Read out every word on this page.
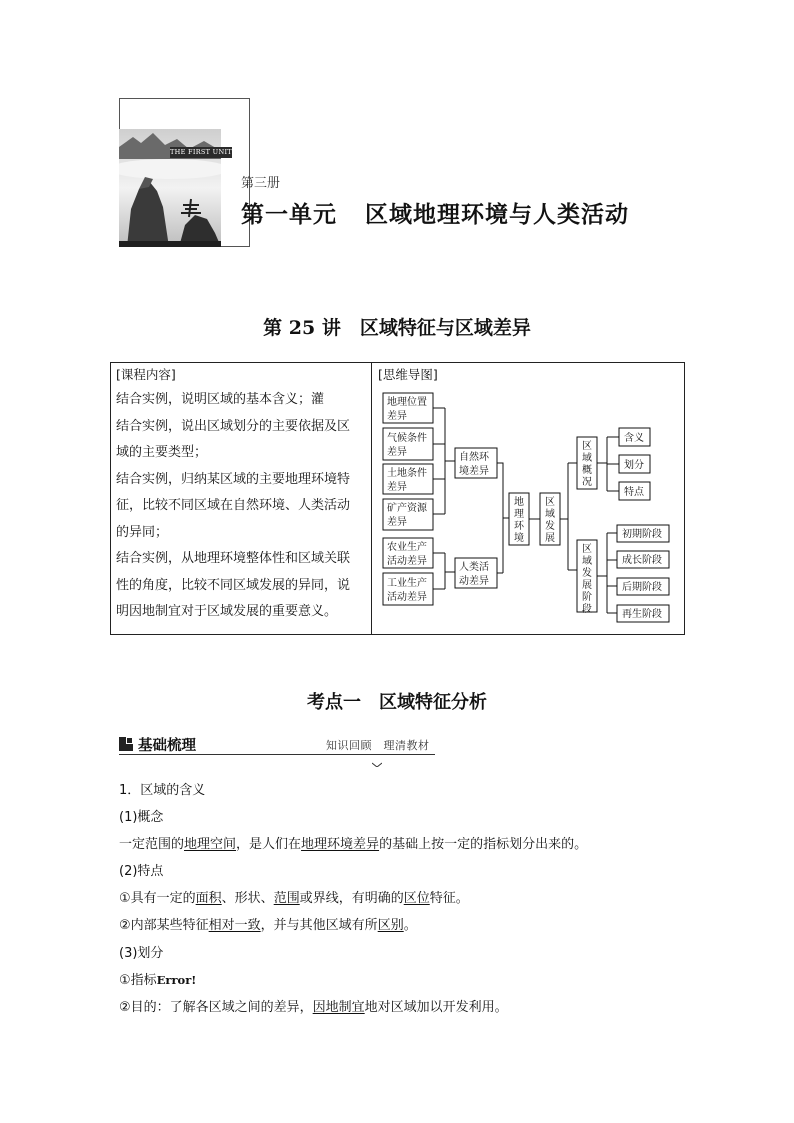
THE FIRST UNIT
第三册
第一单元 区域地理环境与人类活动
第 25 讲　区域特征与区域差异
[课程内容]
结合实例，说明区域的基本含义；灌
结合实例，说出区域划分的主要依据及区
域的主要类型；
结合实例，归纳某区域的主要地理环境特
征，比较不同区域在自然环境、人类活动
的异同；
结合实例，从地理环境整体性和区域关联
性的角度，比较不同区域发展的异同，说
明因地制宜对于区域发展的重要意义。
[思维导图]
地理位置
差异
气候条件
差异
土地条件
差异
矿产资源
差异
农业生产
活动差异
工业生产
活动差异
自然环
境差异
人类活
动差异
地
理
环
境
区
域
发
展
区
域
概
况
含义
划分
特点
区
域
发
展
阶
段
初期阶段
成长阶段
后期阶段
再生阶段
考点一　区域特征分析
基础梳理	知识回顾　理清教材
1．区域的含义
(1)概念
一定范围的地理空间，是人们在地理环境差异的基础上按一定的指标划分出来的。
(2)特点
①具有一定的面积、形状、范围或界线，有明确的区位特征。
②内部某些特征相对一致，并与其他区域有所区别。
(3)划分
①指标Error!
②目的：了解各区域之间的差异，因地制宜地对区域加以开发利用。
